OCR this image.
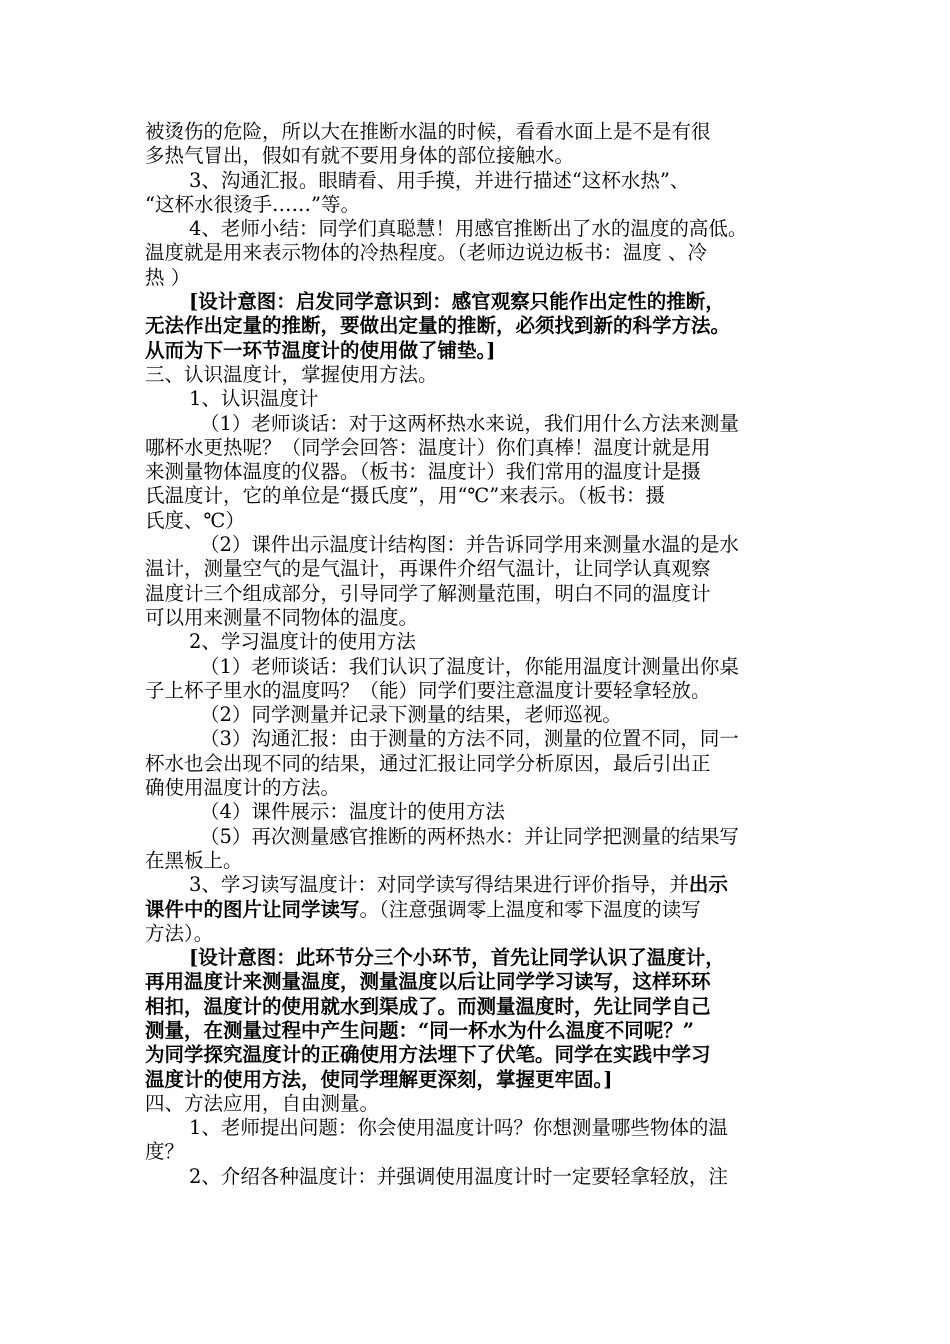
被烫伤的危险，所以大在推断水温的时候，看看水面上是不是有很

多热气冒出，假如有就不要用身体的部位接触水。

3、沟通汇报。眼睛看、用手摸，并进行描述“这杯水热”、

“这杯水很烫手……”等。

4、老师小结：同学们真聪慧！用感官推断出了水的温度的高低。

温度就是用来表示物体的冷热程度。（老师边说边板书：温度 、冷

热 ）

[设计意图：启发同学意识到：感官观察只能作出定性的推断，

无法作出定量的推断，要做出定量的推断，必须找到新的科学方法。

从而为下一环节温度计的使用做了铺垫。]

三、认识温度计，掌握使用方法。

1、认识温度计

（1）老师谈话：对于这两杯热水来说，我们用什么方法来测量

哪杯水更热呢？（同学会回答：温度计）你们真棒！温度计就是用

来测量物体温度的仪器。（板书：温度计）我们常用的温度计是摄

氏温度计，它的单位是“摄氏度”，用“℃”来表示。（板书：摄

氏度、℃）

（2）课件出示温度计结构图：并告诉同学用来测量水温的是水

温计，测量空气的是气温计，再课件介绍气温计，让同学认真观察

温度计三个组成部分，引导同学了解测量范围，明白不同的温度计

可以用来测量不同物体的温度。

2、学习温度计的使用方法

（1）老师谈话：我们认识了温度计，你能用温度计测量出你桌

子上杯子里水的温度吗？（能）同学们要注意温度计要轻拿轻放。

（2）同学测量并记录下测量的结果，老师巡视。

（3）沟通汇报：由于测量的方法不同，测量的位置不同，同一

杯水也会出现不同的结果，通过汇报让同学分析原因，最后引出正

确使用温度计的方法。

（4）课件展示：温度计的使用方法

（5）再次测量感官推断的两杯热水：并让同学把测量的结果写

在黑板上。

3、学习读写温度计：对同学读写得结果进行评价指导，并出示

课件中的图片让同学读写。（注意强调零上温度和零下温度的读写

方法）。

[设计意图：此环节分三个小环节，首先让同学认识了温度计，

再用温度计来测量温度，测量温度以后让同学学习读写，这样环环

相扣，温度计的使用就水到渠成了。而测量温度时，先让同学自己

测量，在测量过程中产生问题：“同一杯水为什么温度不同呢？”

为同学探究温度计的正确使用方法埋下了伏笔。同学在实践中学习

温度计的使用方法，使同学理解更深刻，掌握更牢固。]

四、方法应用，自由测量。

1、老师提出问题：你会使用温度计吗？你想测量哪些物体的温

度？

2、介绍各种温度计：并强调使用温度计时一定要轻拿轻放，注
